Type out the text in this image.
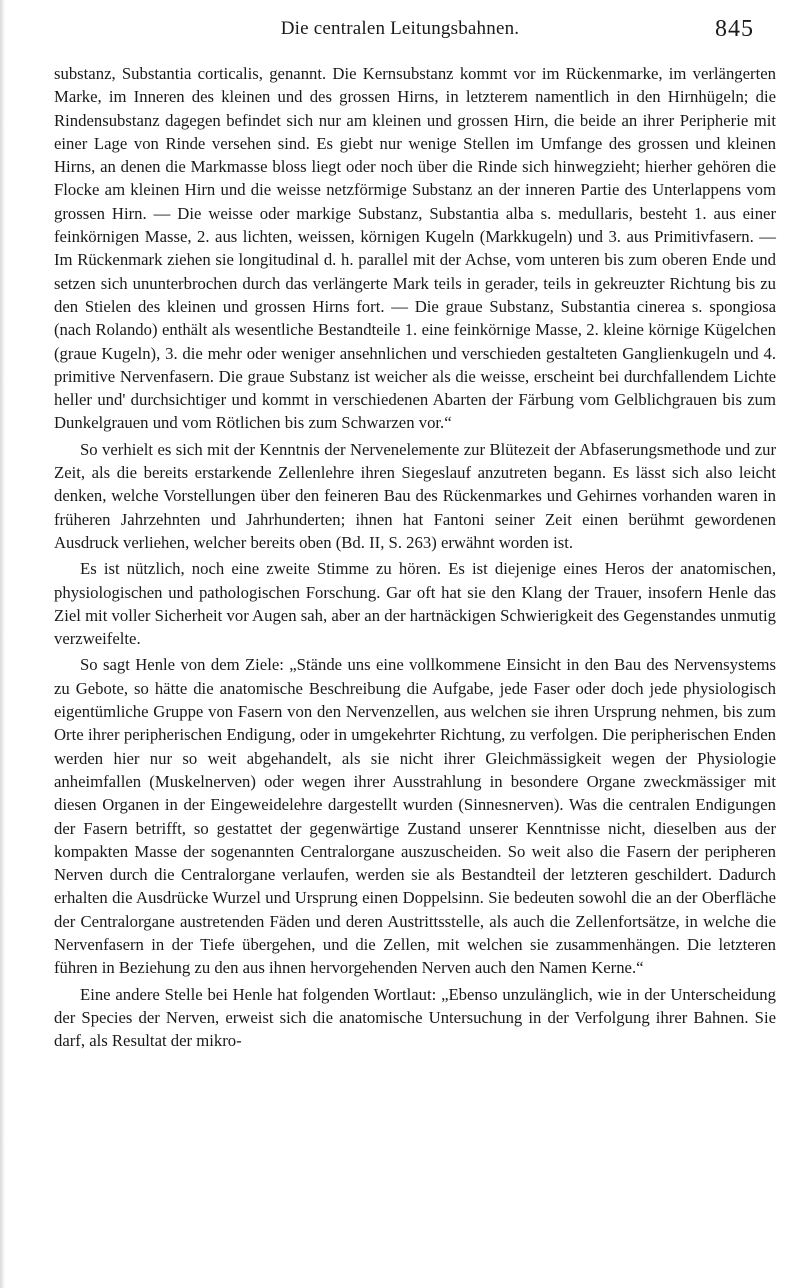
Die centralen Leitungsbahnen.	845

substanz, Substantia corticalis, genannt. Die Kernsubstanz kommt vor im Rückenmarke, im verlängerten Marke, im Inneren des kleinen und des grossen Hirns, in letzterem namentlich in den Hirnhügeln; die Rindensubstanz dagegen befindet sich nur am kleinen und grossen Hirn, die beide an ihrer Peripherie mit einer Lage von Rinde versehen sind. Es giebt nur wenige Stellen im Umfange des grossen und kleinen Hirns, an denen die Markmasse bloss liegt oder noch über die Rinde sich hinwegzieht; hierher gehören die Flocke am kleinen Hirn und die weisse netzförmige Substanz an der inneren Partie des Unterlappens vom grossen Hirn. — Die weisse oder markige Substanz, Substantia alba s. medullaris, besteht 1. aus einer feinkörnigen Masse, 2. aus lichten, weissen, körnigen Kugeln (Markkugeln) und 3. aus Primitivfasern. — Im Rückenmark ziehen sie longitudinal d. h. parallel mit der Achse, vom unteren bis zum oberen Ende und setzen sich ununterbrochen durch das verlängerte Mark teils in gerader, teils in gekreuzter Richtung bis zu den Stielen des kleinen und grossen Hirns fort. — Die graue Substanz, Substantia cinerea s. spongiosa (nach Rolando) enthält als wesentliche Bestandteile 1. eine feinkörnige Masse, 2. kleine körnige Kügelchen (graue Kugeln), 3. die mehr oder weniger ansehnlichen und verschieden gestalteten Ganglienkugeln und 4. primitive Nervenfasern. Die graue Substanz ist weicher als die weisse, erscheint bei durchfallendem Lichte heller und' durchsichtiger und kommt in verschiedenen Abarten der Färbung vom Gelblichgrauen bis zum Dunkelgrauen und vom Rötlichen bis zum Schwarzen vor.“

So verhielt es sich mit der Kenntnis der Nervenelemente zur Blütezeit der Abfaserungsmethode und zur Zeit, als die bereits erstarkende Zellenlehre ihren Siegeslauf anzutreten begann. Es lässt sich also leicht denken, welche Vorstellungen über den feineren Bau des Rückenmarkes und Gehirnes vorhanden waren in früheren Jahrzehnten und Jahrhunderten; ihnen hat Fantoni seiner Zeit einen berühmt gewordenen Ausdruck verliehen, welcher bereits oben (Bd. II, S. 263) erwähnt worden ist.

Es ist nützlich, noch eine zweite Stimme zu hören. Es ist diejenige eines Heros der anatomischen, physiologischen und pathologischen Forschung. Gar oft hat sie den Klang der Trauer, insofern Henle das Ziel mit voller Sicherheit vor Augen sah, aber an der hartnäckigen Schwierigkeit des Gegenstandes unmutig verzweifelte.

So sagt Henle von dem Ziele: „Stände uns eine vollkommene Einsicht in den Bau des Nervensystems zu Gebote, so hätte die anatomische Beschreibung die Aufgabe, jede Faser oder doch jede physiologisch eigentümliche Gruppe von Fasern von den Nervenzellen, aus welchen sie ihren Ursprung nehmen, bis zum Orte ihrer peripherischen Endigung, oder in umgekehrter Richtung, zu verfolgen. Die peripherischen Enden werden hier nur so weit abgehandelt, als sie nicht ihrer Gleichmässigkeit wegen der Physiologie anheimfallen (Muskelnerven) oder wegen ihrer Ausstrahlung in besondere Organe zweckmässiger mit diesen Organen in der Eingeweidelehre dargestellt wurden (Sinnesnerven). Was die centralen Endigungen der Fasern betrifft, so gestattet der gegenwärtige Zustand unserer Kenntnisse nicht, dieselben aus der kompakten Masse der sogenannten Centralorgane auszuscheiden. So weit also die Fasern der peripheren Nerven durch die Centralorgane verlaufen, werden sie als Bestandteil der letzteren geschildert. Dadurch erhalten die Ausdrücke Wurzel und Ursprung einen Doppelsinn. Sie bedeuten sowohl die an der Oberfläche der Centralorgane austretenden Fäden und deren Austrittsstelle, als auch die Zellenfortsätze, in welche die Nervenfasern in der Tiefe übergehen, und die Zellen, mit welchen sie zusammenhängen. Die letzteren führen in Beziehung zu den aus ihnen hervorgehenden Nerven auch den Namen Kerne.“

Eine andere Stelle bei Henle hat folgenden Wortlaut: „Ebenso unzulänglich, wie in der Unterscheidung der Species der Nerven, erweist sich die anatomische Untersuchung in der Verfolgung ihrer Bahnen. Sie darf, als Resultat der mikro-
